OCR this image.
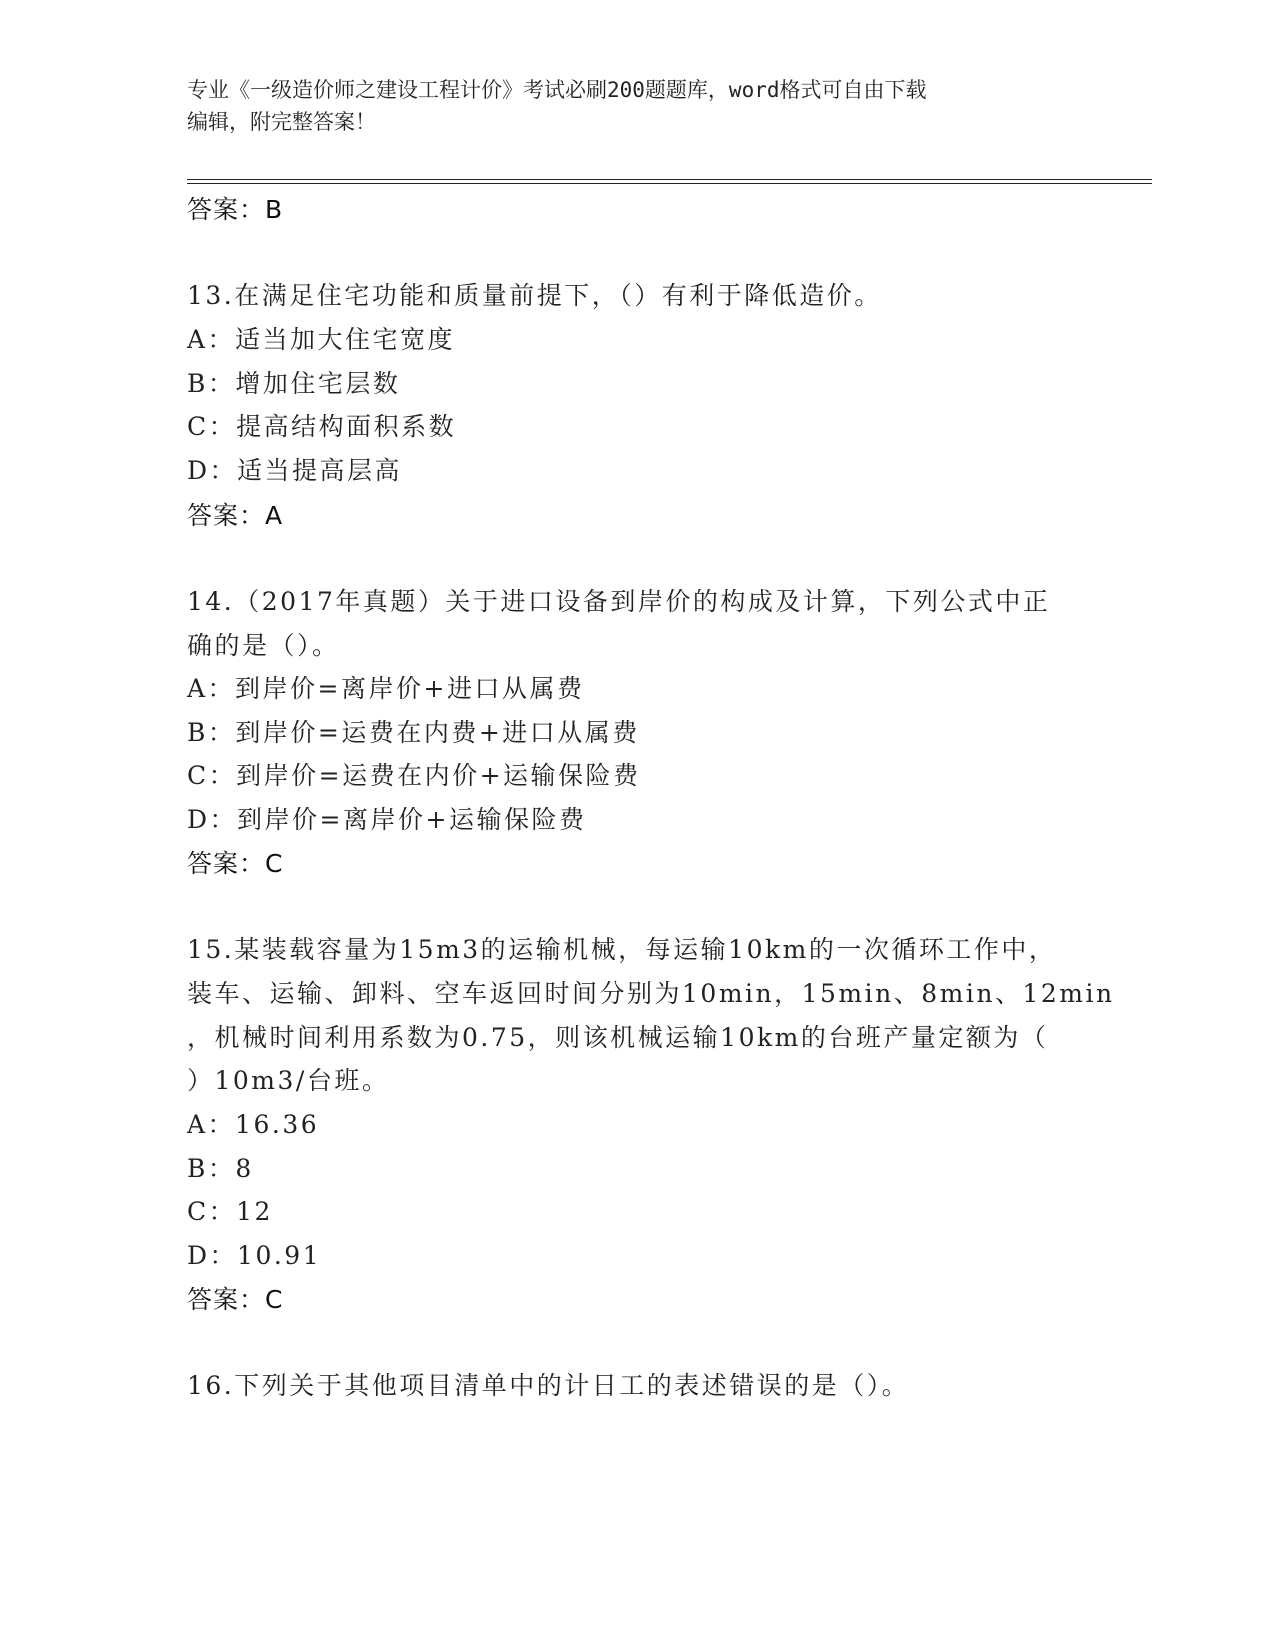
专业《一级造价师之建设工程计价》考试必刷200题题库，word格式可自由下载
编辑，附完整答案！
答案：B
13.在满足住宅功能和质量前提下，（）有利于降低造价。
A：适当加大住宅宽度
B：增加住宅层数
C：提高结构面积系数
D：适当提高层高
答案：A
14.（2017年真题）关于进口设备到岸价的构成及计算，下列公式中正
确的是（）。
A：到岸价=离岸价+进口从属费
B：到岸价=运费在内费+进口从属费
C：到岸价=运费在内价+运输保险费
D：到岸价=离岸价+运输保险费
答案：C
15.某装载容量为15m3的运输机械，每运输10km的一次循环工作中，
装车、运输、卸料、空车返回时间分别为10min，15min、8min、12min
，机械时间利用系数为0.75，则该机械运输10km的台班产量定额为（
）10m3/台班。
A：16.36
B：8
C：12
D：10.91
答案：C
16.下列关于其他项目清单中的计日工的表述错误的是（）。
